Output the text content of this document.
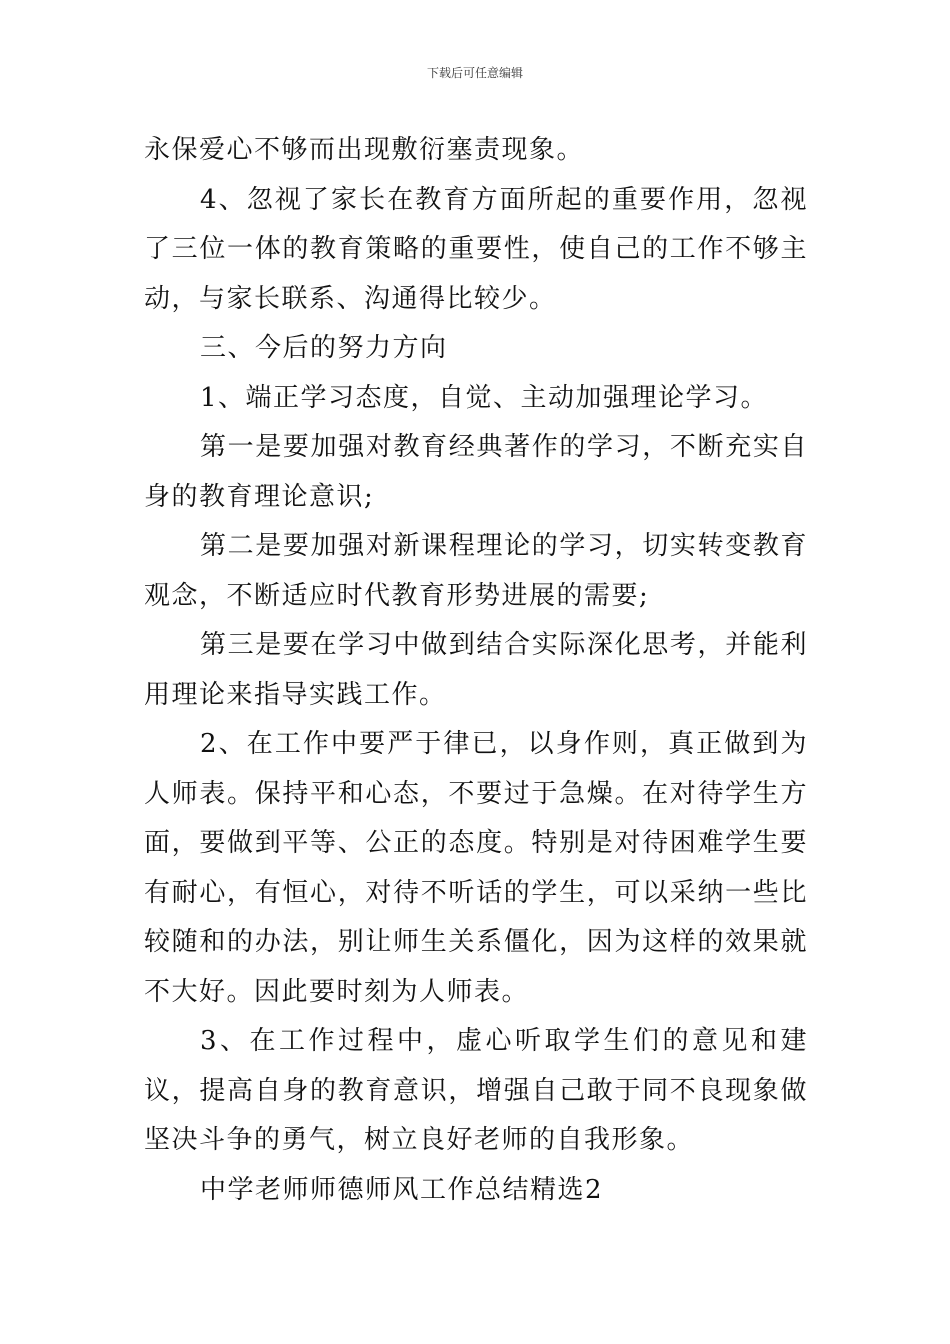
下载后可任意编辑

永保爱心不够而出现敷衍塞责现象。

4、忽视了家长在教育方面所起的重要作用，忽视了三位一体的教育策略的重要性，使自己的工作不够主动，与家长联系、沟通得比较少。

三、今后的努力方向

1、端正学习态度，自觉、主动加强理论学习。

第一是要加强对教育经典著作的学习，不断充实自身的教育理论意识;

第二是要加强对新课程理论的学习，切实转变教育观念，不断适应时代教育形势进展的需要;

第三是要在学习中做到结合实际深化思考，并能利用理论来指导实践工作。

2、在工作中要严于律已，以身作则，真正做到为人师表。保持平和心态，不要过于急燥。在对待学生方面，要做到平等、公正的态度。特别是对待困难学生要有耐心，有恒心，对待不听话的学生，可以采纳一些比较随和的办法，别让师生关系僵化，因为这样的效果就不大好。因此要时刻为人师表。

3、在工作过程中，虚心听取学生们的意见和建议，提高自身的教育意识，增强自己敢于同不良现象做坚决斗争的勇气，树立良好老师的自我形象。

中学老师师德师风工作总结精选2
